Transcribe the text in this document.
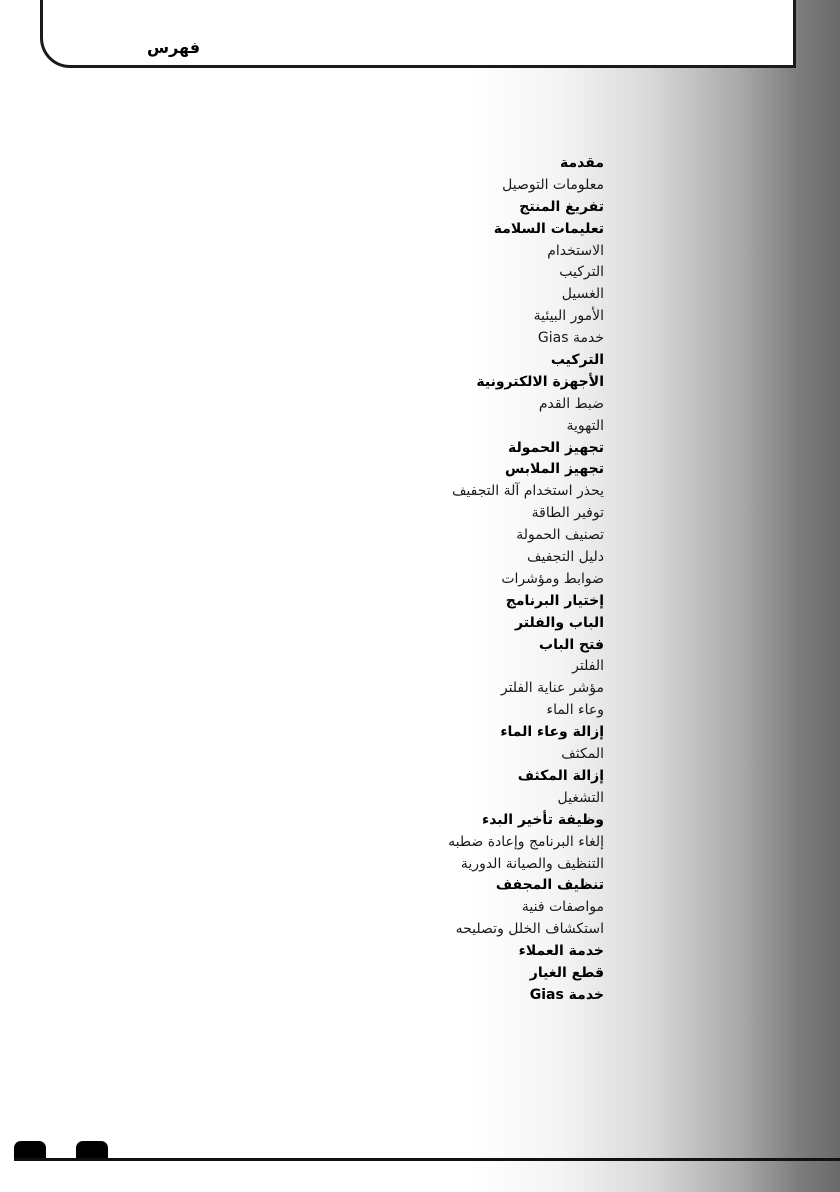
فهرس
مقدمة
معلومات التوصيل
تفريغ المنتج
تعليمات السلامة
الاستخدام
التركيب
الغسيل
الأمور البيئية
خدمة Gias
التركيب
الأجهزة الالكترونية
ضبط القدم
التهوية
تجهيز الحمولة
تجهيز الملابس
يحذر استخدام آلة التجفيف
توفير الطاقة
تصنيف الحمولة
دليل التجفيف
ضوابط ومؤشرات
إختيار البرنامج
الباب والفلتر
فتح الباب
الفلتر
مؤشر عناية الفلتر
وعاء الماء
إزالة وعاء الماء
المكثف
إزالة المكثف
التشغيل
وظيفة تأخير البدء
إلغاء البرنامج وإعادة ضطبه
التنظيف والصيانة الدورية
تنظيف المجفف
مواصفات فنية
استكشاف الخلل وتصليحه
خدمة العملاء
قطع الغيار
خدمة Gias
